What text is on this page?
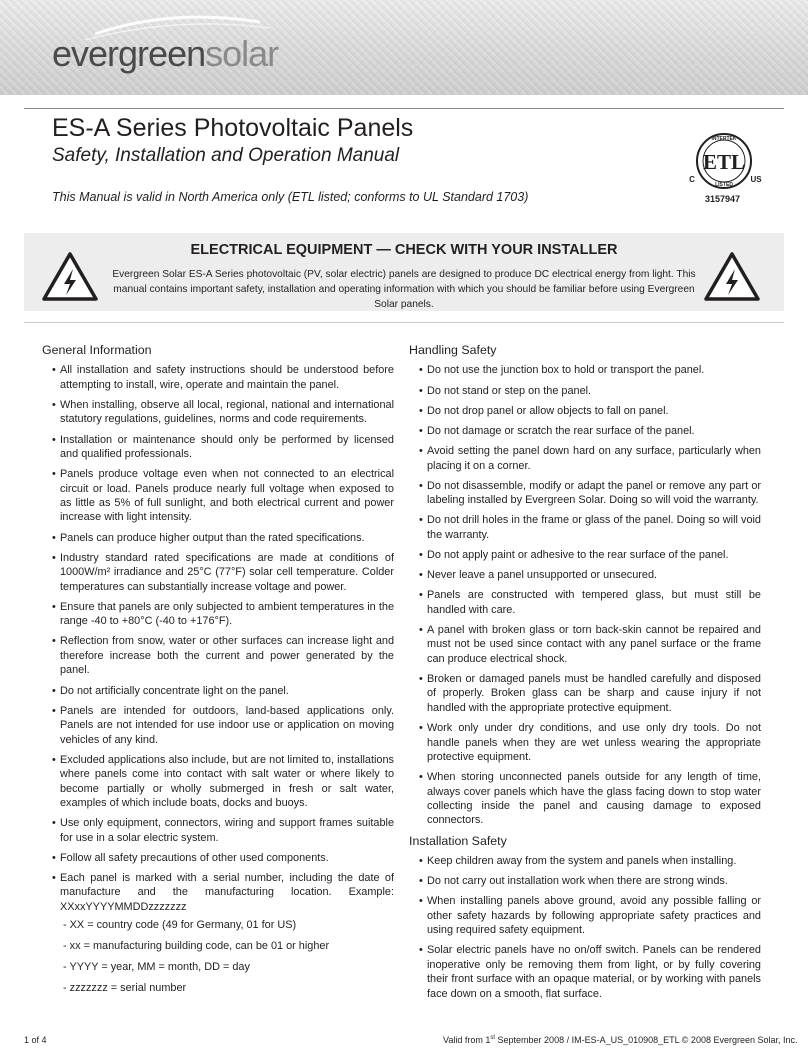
evergreensolar
ES-A Series Photovoltaic Panels
Safety, Installation and Operation Manual
This Manual is valid in North America only (ETL listed; conforms to UL Standard 1703)
INTERTEK
ETL
LISTED
C	US
3157947
ELECTRICAL EQUIPMENT — CHECK WITH YOUR INSTALLER
Evergreen Solar ES-A Series photovoltaic (PV, solar electric) panels are designed to produce DC electrical energy from light. This manual contains important safety, installation and operating information with which you should be familiar before using Evergreen Solar panels.
General Information
• All installation and safety instructions should be understood before attempting to install, wire, operate and maintain the panel.
• When installing, observe all local, regional, national and international statutory regulations, guidelines, norms and code requirements.
• Installation or maintenance should only be performed by licensed and qualified professionals.
• Panels produce voltage even when not connected to an electrical circuit or load. Panels produce nearly full voltage when exposed to as little as 5% of full sunlight, and both electrical current and power increase with light intensity.
• Panels can produce higher output than the rated specifications.
• Industry standard rated specifications are made at conditions of 1000W/m² irradiance and 25°C (77°F) solar cell temperature. Colder temperatures can substantially increase voltage and power.
• Ensure that panels are only subjected to ambient temperatures in the range -40 to +80°C (-40 to +176°F).
• Reflection from snow, water or other surfaces can increase light and therefore increase both the current and power generated by the panel.
• Do not artificially concentrate light on the panel.
• Panels are intended for outdoors, land-based applications only. Panels are not intended for use indoor use or application on moving vehicles of any kind.
• Excluded applications also include, but are not limited to, installations where panels come into contact with salt water or where likely to become partially or wholly submerged in fresh or salt water, examples of which include boats, docks and buoys.
• Use only equipment, connectors, wiring and support frames suitable for use in a solar electric system.
• Follow all safety precautions of other used components.
• Each panel is marked with a serial number, including the date of manufacture and the manufacturing location. Example: XXxxYYYYMMDDzzzzzzz
- XX = country code (49 for Germany, 01 for US)
- xx = manufacturing building code, can be 01 or higher
- YYYY = year, MM = month, DD = day
- zzzzzzz = serial number
Handling Safety
• Do not use the junction box to hold or transport the panel.
• Do not stand or step on the panel.
• Do not drop panel or allow objects to fall on panel.
• Do not damage or scratch the rear surface of the panel.
• Avoid setting the panel down hard on any surface, particularly when placing it on a corner.
• Do not disassemble, modify or adapt the panel or remove any part or labeling installed by Evergreen Solar. Doing so will void the warranty.
• Do not drill holes in the frame or glass of the panel. Doing so will void the warranty.
• Do not apply paint or adhesive to the rear surface of the panel.
• Never leave a panel unsupported or unsecured.
• Panels are constructed with tempered glass, but must still be handled with care.
• A panel with broken glass or torn back-skin cannot be repaired and must not be used since contact with any panel surface or the frame can produce electrical shock.
• Broken or damaged panels must be handled carefully and disposed of properly. Broken glass can be sharp and cause injury if not handled with the appropriate protective equipment.
• Work only under dry conditions, and use only dry tools. Do not handle panels when they are wet unless wearing the appropriate protective equipment.
• When storing unconnected panels outside for any length of time, always cover panels which have the glass facing down to stop water collecting inside the panel and causing damage to exposed connectors.
Installation Safety
• Keep children away from the system and panels when installing.
• Do not carry out installation work when there are strong winds.
• When installing panels above ground, avoid any possible falling or other safety hazards by following appropriate safety practices and using required safety equipment.
• Solar electric panels have no on/off switch. Panels can be rendered inoperative only be removing them from light, or by fully covering their front surface with an opaque material, or by working with panels face down on a smooth, flat surface.
1 of 4	Valid from 1st September 2008 / IM-ES-A_US_010908_ETL © 2008 Evergreen Solar, Inc.
